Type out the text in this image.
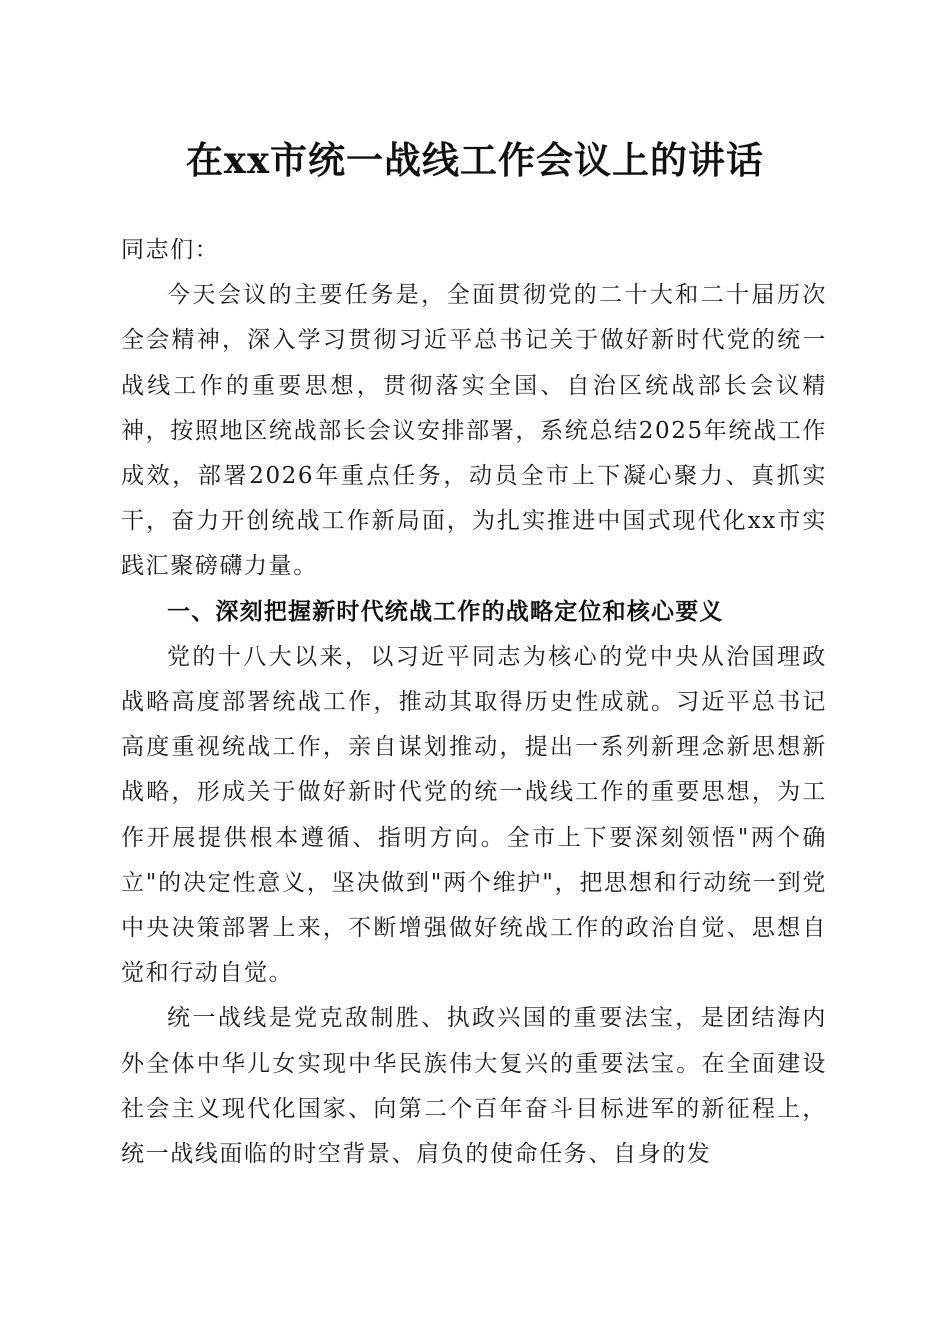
在xx市统一战线工作会议上的讲话

同志们：

今天会议的主要任务是，全面贯彻党的二十大和二十届历次全会精神，深入学习贯彻习近平总书记关于做好新时代党的统一战线工作的重要思想，贯彻落实全国、自治区统战部长会议精神，按照地区统战部长会议安排部署，系统总结2025年统战工作成效，部署2026年重点任务，动员全市上下凝心聚力、真抓实干，奋力开创统战工作新局面，为扎实推进中国式现代化xx市实践汇聚磅礴力量。

一、深刻把握新时代统战工作的战略定位和核心要义

党的十八大以来，以习近平同志为核心的党中央从治国理政战略高度部署统战工作，推动其取得历史性成就。习近平总书记高度重视统战工作，亲自谋划推动，提出一系列新理念新思想新战略，形成关于做好新时代党的统一战线工作的重要思想，为工作开展提供根本遵循、指明方向。全市上下要深刻领悟"两个确立"的决定性意义，坚决做到"两个维护"，把思想和行动统一到党中央决策部署上来，不断增强做好统战工作的政治自觉、思想自觉和行动自觉。

统一战线是党克敌制胜、执政兴国的重要法宝，是团结海内外全体中华儿女实现中华民族伟大复兴的重要法宝。在全面建设社会主义现代化国家、向第二个百年奋斗目标进军的新征程上，统一战线面临的时空背景、肩负的使命任务、自身的发
